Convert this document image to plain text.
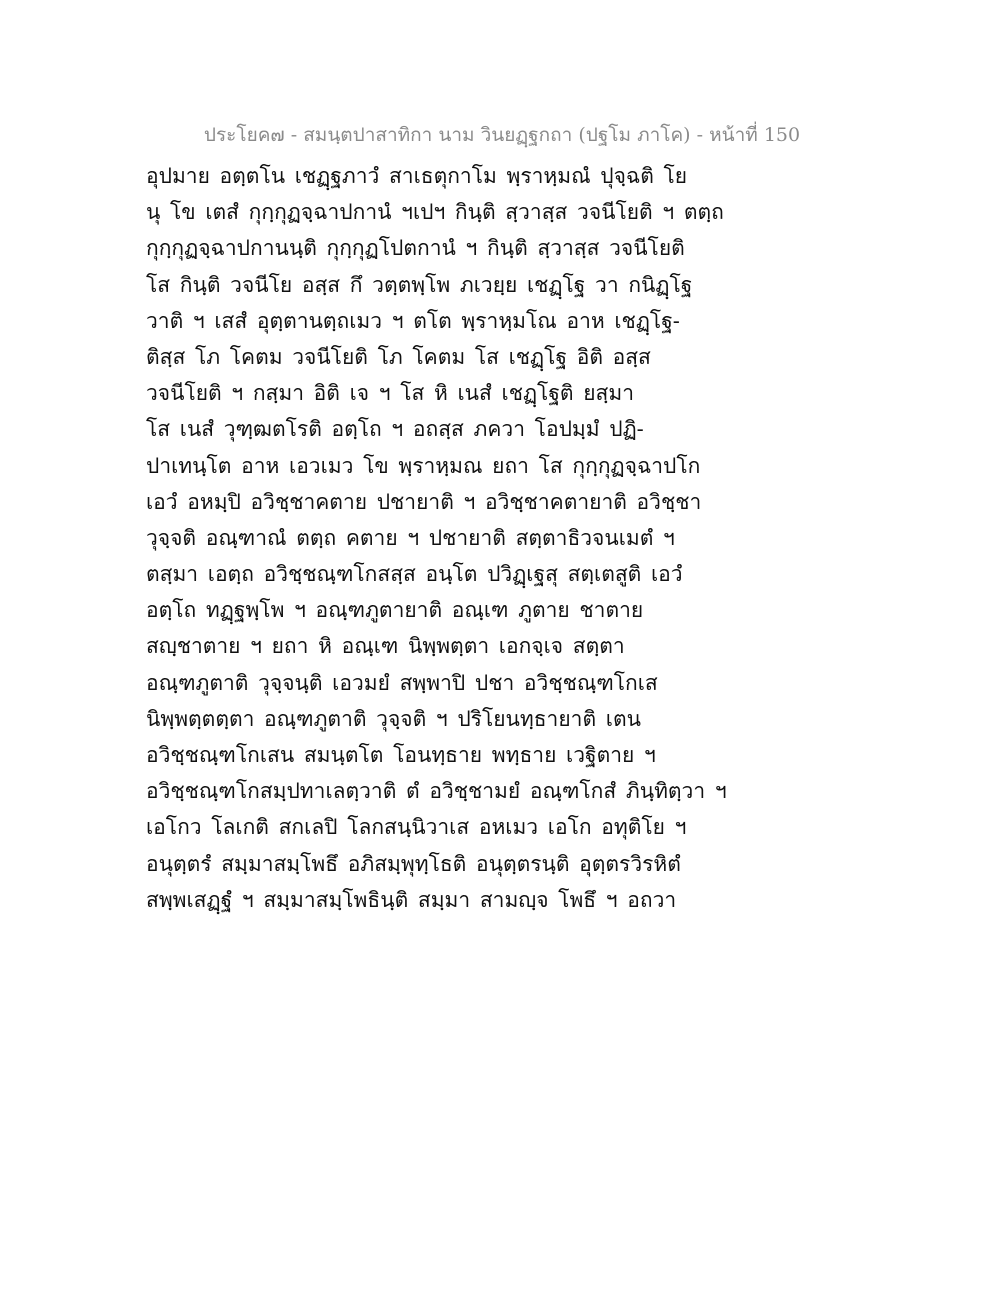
ประโยค๗ - สมนฺตปาสาทิกา นาม วินยฏฺฐกถา (ปฐโม ภาโค) - หน้าที่ 150
อุปมาย อตฺตโน เชฏฺฐภาวํ สาเธตุกาโม พฺราหฺมณํ ปุจฺฉติ โย
นุ โข เตสํ กุกฺกุฏจฺฉาปกานํ ฯเปฯ กินฺติ สฺวาสฺส วจนีโยติ ฯ ตตฺถ
กุกฺกุฏจฺฉาปกานนฺติ กุกฺกุฏโปตกานํ ฯ กินฺติ สฺวาสฺส วจนีโยติ
โส กินฺติ วจนีโย อสฺส กึ วตฺตพฺโพ ภเวยฺย เชฏฺโฐ วา กนิฏฺโฐ
วาติ ฯ เสสํ อุตฺตานตฺถเมว ฯ ตโต พฺราหฺมโณ อาห เชฏฺโฐ-
ติสฺส โภ โคตม วจนีโยติ โภ โคตม โส เชฏฺโฐ อิติ อสฺส
วจนีโยติ ฯ กสฺมา อิติ เจ ฯ โส หิ เนสํ เชฏฺโฐติ ยสฺมา
โส เนสํ วุฑฺฒตโรติ อตฺโถ ฯ อถสฺส ภควา โอปมฺมํ ปฏิ-
ปาเทนฺโต อาห เอวเมว โข พฺราหฺมณ ยถา โส กุกฺกุฏจฺฉาปโก
เอวํ อหมฺปิ อวิชฺชาคตาย ปชายาติ ฯ อวิชฺชาคตายาติ อวิชฺชา
วุจฺจติ อณฺฑาณํ ตตฺถ คตาย ฯ ปชายาติ สตฺตาธิวจนเมตํ ฯ
ตสฺมา เอตฺถ อวิชฺชณฺฑโกสสฺส อนฺโต ปวิฏฺเฐสุ สตฺเตสูติ เอวํ
อตฺโถ ทฏฺฐพฺโพ ฯ อณฺฑภูตายาติ อณฺเฑ ภูตาย ชาตาย
สญฺชาตาย ฯ ยถา หิ อณฺเฑ นิพฺพตฺตา เอกจฺเจ สตฺตา
อณฺฑภูตาติ วุจฺจนฺติ เอวมยํ สพฺพาปิ ปชา อวิชฺชณฺฑโกเส
นิพฺพตฺตตฺตา อณฺฑภูตาติ วุจฺจติ ฯ ปริโยนทฺธายาติ เตน
อวิชฺชณฺฑโกเสน สมนฺตโต โอนทฺธาย พทฺธาย เวฐิตาย ฯ
อวิชฺชณฺฑโกสมฺปทาเลตฺวาติ ตํ อวิชฺชามยํ อณฺฑโกสํ ภินฺทิตฺวา ฯ
เอโกว โลเกติ สกเลปิ โลกสนฺนิวาเส อหเมว เอโก อทุติโย ฯ
อนุตฺตรํ สมฺมาสมฺโพธึ อภิสมฺพุทฺโธติ อนุตฺตรนฺติ อุตฺตรวิรหิตํ
สพฺพเสฏฺฐํ ฯ สมฺมาสมฺโพธินฺติ สมฺมา สามญฺจ โพธึ ฯ อถวา
